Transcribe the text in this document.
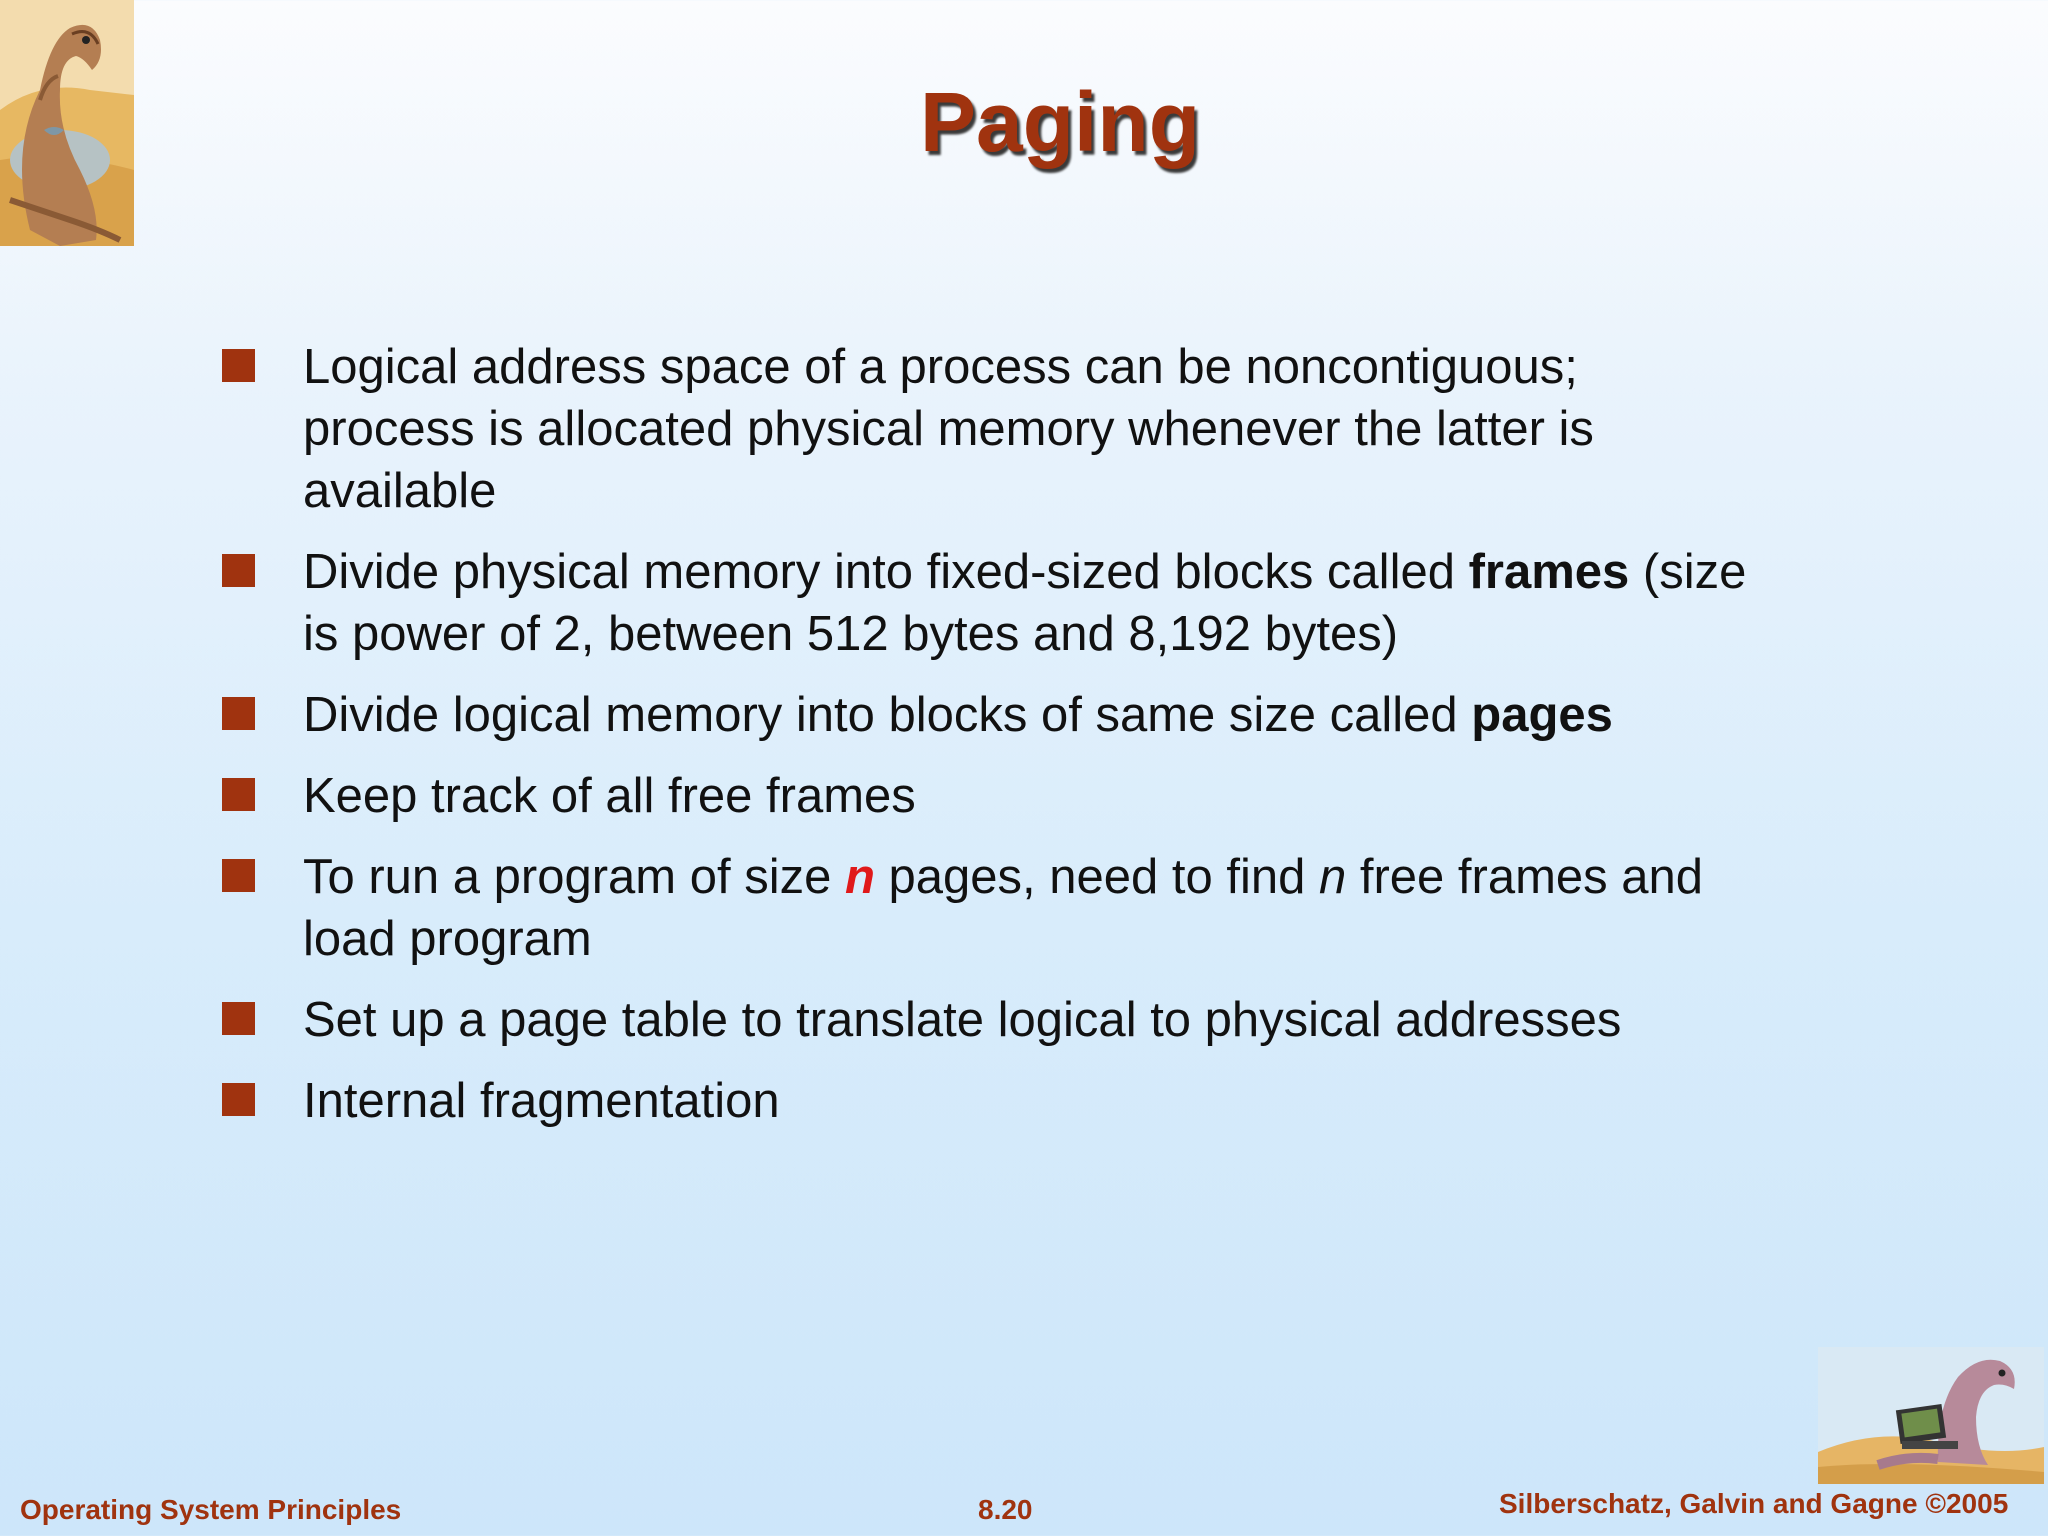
Paging
Logical address space of a process can be noncontiguous; process is allocated physical memory whenever the latter is available
Divide physical memory into fixed-sized blocks called frames (size is power of 2, between 512 bytes and 8,192 bytes)
Divide logical memory into blocks of same size called pages
Keep track of all free frames
To run a program of size n pages, need to find n free frames and load program
Set up a page table to translate logical to physical addresses
Internal fragmentation
Operating System Principles	8.20	Silberschatz, Galvin and Gagne ©2005
